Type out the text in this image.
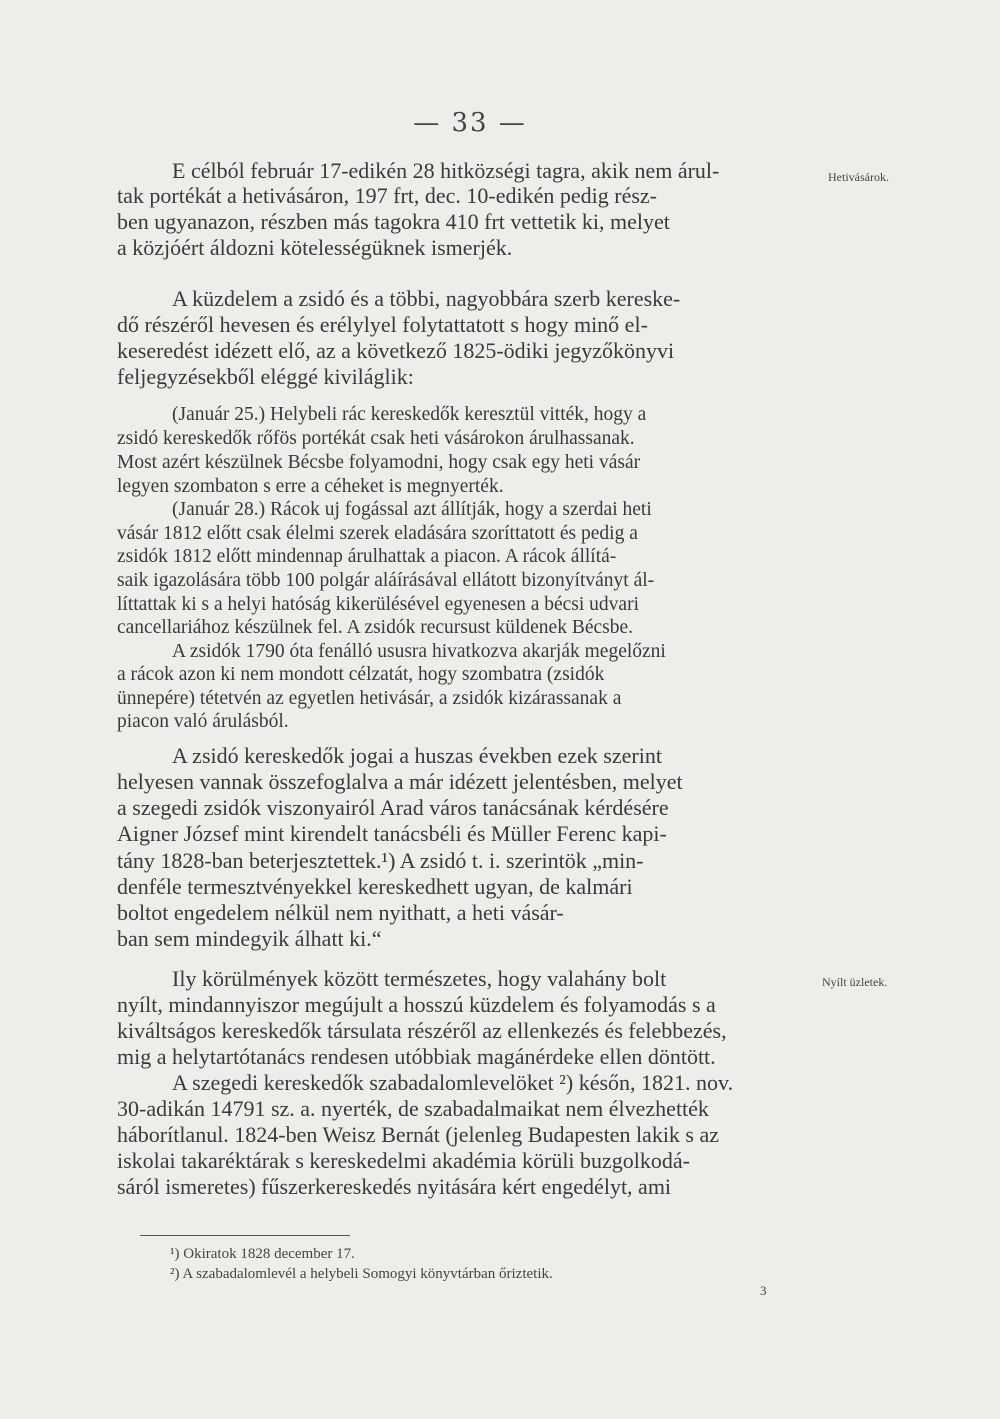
— 33 —
Hetivásárok.
Nyílt üzletek.
E célból február 17-edikén 28 hitközségi tagra, akik nem árul-
tak portékát a hetivásáron, 197 frt, dec. 10-edikén pedig rész-
ben ugyanazon, részben más tagokra 410 frt vettetik ki, melyet
a közjóért áldozni kötelességüknek ismerjék.
A küzdelem a zsidó és a többi, nagyobbára szerb kereske-
dő részéről hevesen és erélylyel folytattatott s hogy minő el-
keseredést idézett elő, az a következő 1825-ödiki jegyzőkönyvi
feljegyzésekből eléggé kiviláglik:
(Január 25.) Helybeli rác kereskedők keresztül vitték, hogy a
zsidó kereskedők rőfös portékát csak heti vásárokon árulhassanak.
Most azért készülnek Bécsbe folyamodni, hogy csak egy heti vásár
legyen szombaton s erre a céheket is megnyerték.
(Január 28.) Rácok uj fogással azt állítják, hogy a szerdai heti
vásár 1812 előtt csak élelmi szerek eladására szoríttatott és pedig a
zsidók 1812 előtt mindennap árulhattak a piacon. A rácok állítá-
saik igazolására több 100 polgár aláírásával ellátott bizonyítványt ál-
líttattak ki s a helyi hatóság kikerülésével egyenesen a bécsi udvari
cancellariához készülnek fel. A zsidók recursust küldenek Bécsbe.
A zsidók 1790 óta fenálló ususra hivatkozva akarják megelőzni
a rácok azon ki nem mondott célzatát, hogy szombatra (zsidók
ünnepére) tétetvén az egyetlen hetivásár, a zsidók kizárassanak a
piacon való árulásból.
A zsidó kereskedők jogai a huszas években ezek szerint
helyesen vannak összefoglalva a már idézett jelentésben, melyet
a szegedi zsidók viszonyairól Arad város tanácsának kérdésére
Aigner József mint kirendelt tanácsbéli és Müller Ferenc kapi-
tány 1828-ban beterjesztettek.¹) A zsidó t. i. szerintök „min-
denféle termesztvényekkel kereskedhett ugyan, de kalmári
boltot engedelem nélkül nem nyithatt, a heti vásár-
ban sem mindegyik álhatt ki.“
Ily körülmények között természetes, hogy valahány bolt
nyílt, mindannyiszor megújult a hosszú küzdelem és folyamodás s a
kiváltságos kereskedők társulata részéről az ellenkezés és felebbezés,
mig a helytartótanács rendesen utóbbiak magánérdeke ellen döntött.
A szegedi kereskedők szabadalomlevelöket ²) későn, 1821. nov.
30-adikán 14791 sz. a. nyerték, de szabadalmaikat nem élvezhették
háborítlanul. 1824-ben Weisz Bernát (jelenleg Budapesten lakik s az
iskolai takaréktárak s kereskedelmi akadémia körüli buzgolkodá-
sáról ismeretes) fűszerkereskedés nyitására kért engedélyt, ami
¹) Okiratok 1828 december 17.
²) A szabadalomlevél a helybeli Somogyi könyvtárban őriztetik.
3
